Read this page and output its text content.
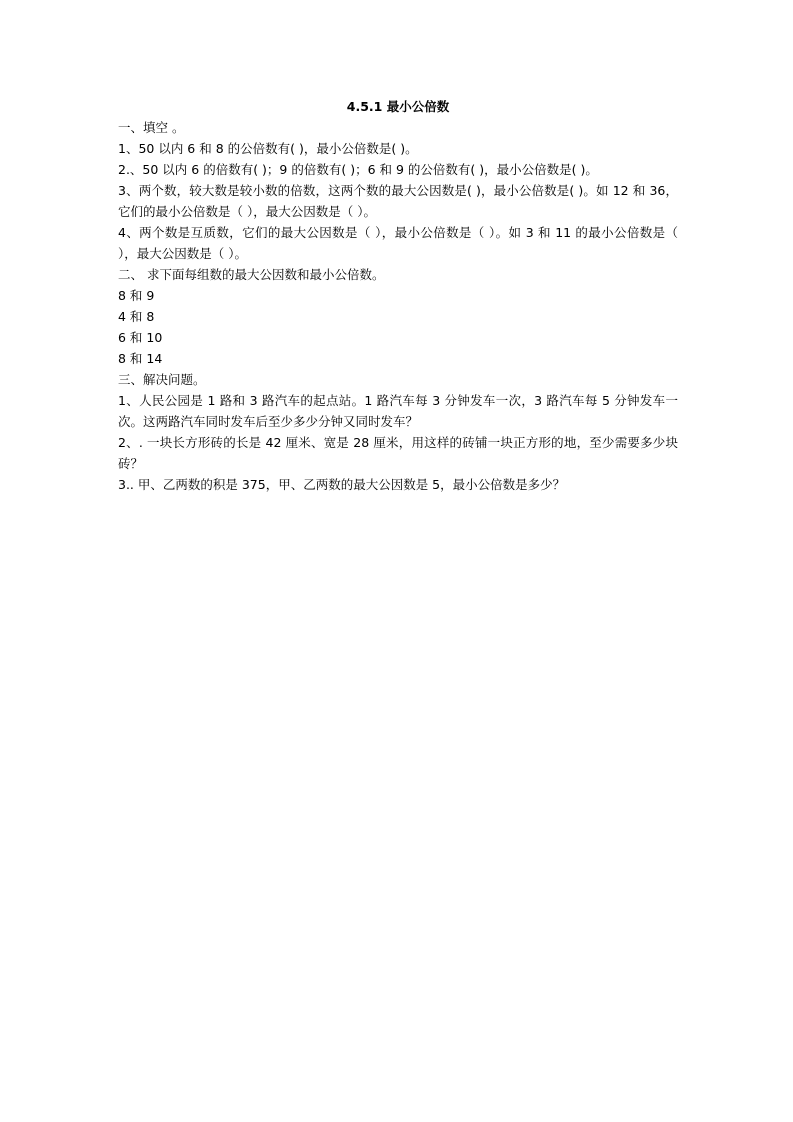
4.5.1 最小公倍数

一、填空 。

1、50 以内 6 和 8 的公倍数有( )，最小公倍数是( )。

2.、50 以内 6 的倍数有( )；9 的倍数有( )；6 和 9 的公倍数有( )，最小公倍数是( )。

3、两个数，较大数是较小数的倍数，这两个数的最大公因数是( )，最小公倍数是( )。如 12 和 36，它们的最小公倍数是（ ），最大公因数是（ ）。

4、两个数是互质数，它们的最大公因数是（ ），最小公倍数是（ ）。如 3 和 11 的最小公倍数是（ ），最大公因数是（ ）。

二、 求下面每组数的最大公因数和最小公倍数。

8 和 9

4 和 8

6 和 10

8 和 14

三、解决问题。

1、人民公园是 1 路和 3 路汽车的起点站。1 路汽车每 3 分钟发车一次，3 路汽车每 5 分钟发车一次。这两路汽车同时发车后至少多少分钟又同时发车？

2、. 一块长方形砖的长是 42 厘米、宽是 28 厘米，用这样的砖铺一块正方形的地，至少需要多少块砖？

3.. 甲、乙两数的积是 375，甲、乙两数的最大公因数是 5，最小公倍数是多少？
